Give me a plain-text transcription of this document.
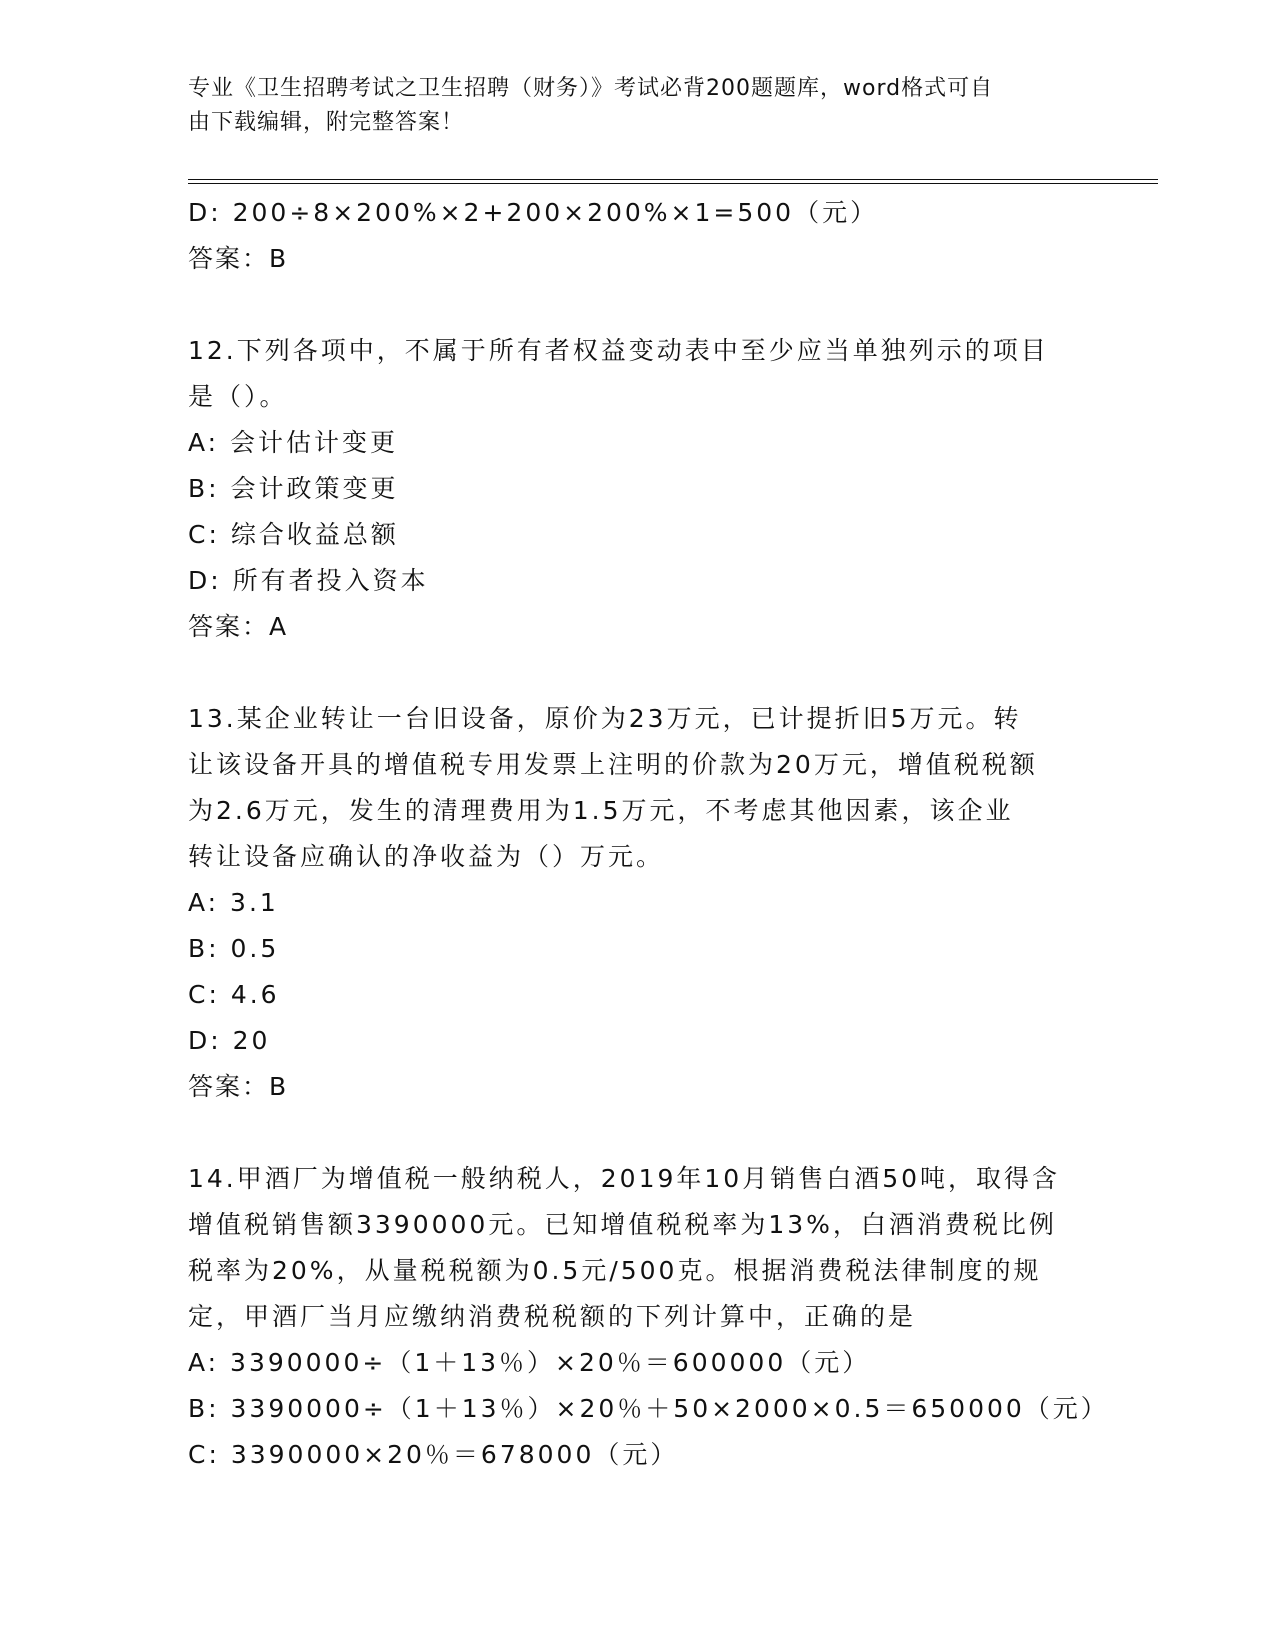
专业《卫生招聘考试之卫生招聘（财务）》考试必背200题题库，word格式可自
由下载编辑，附完整答案！
D: 200÷8×200%×2+200×200%×1=500（元）
答案：B
12.下列各项中，不属于所有者权益变动表中至少应当单独列示的项目
是（）。
A: 会计估计变更
B: 会计政策变更
C: 综合收益总额
D: 所有者投入资本
答案：A
13.某企业转让一台旧设备，原价为23万元，已计提折旧5万元。转
让该设备开具的增值税专用发票上注明的价款为20万元，增值税税额
为2.6万元，发生的清理费用为1.5万元，不考虑其他因素，该企业
转让设备应确认的净收益为（）万元。
A: 3.1
B: 0.5
C: 4.6
D: 20
答案：B
14.甲酒厂为增值税一般纳税人，2019年10月销售白酒50吨，取得含
增值税销售额3390000元。已知增值税税率为13%，白酒消费税比例
税率为20%，从量税税额为0.5元/500克。根据消费税法律制度的规
定，甲酒厂当月应缴纳消费税税额的下列计算中，正确的是
A: 3390000÷（1＋13％）×20％＝600000（元）
B: 3390000÷（1＋13％）×20％＋50×2000×0.5＝650000（元）
C: 3390000×20％＝678000（元）
